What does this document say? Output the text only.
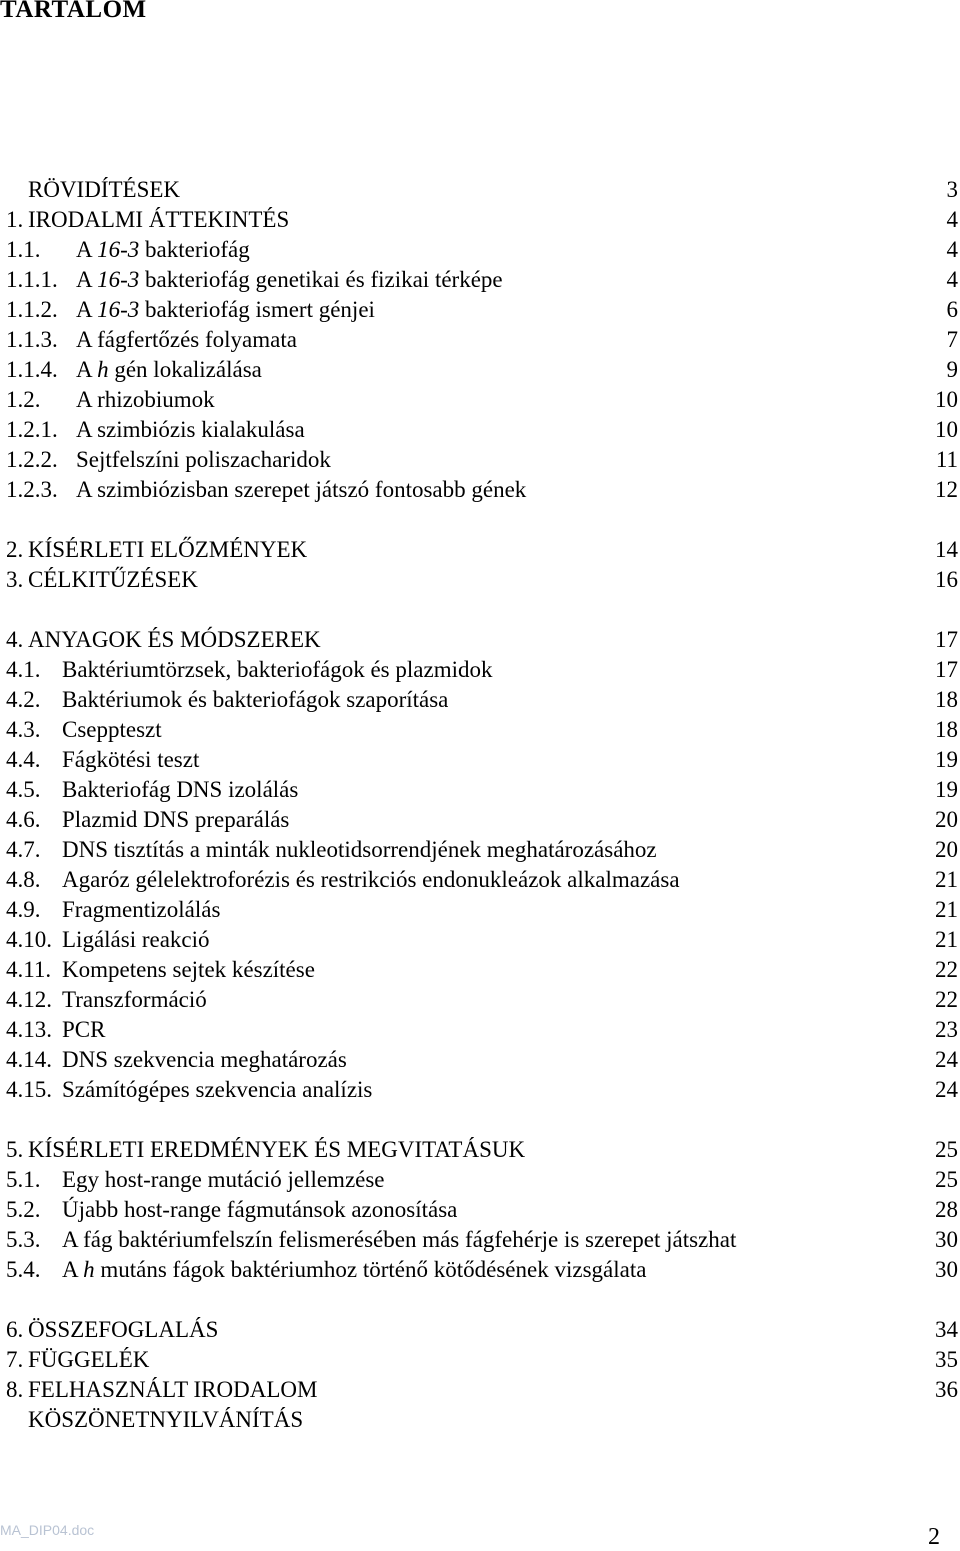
TARTALOM
RÖVIDÍTÉSEK	3
1. IRODALMI ÁTTEKINTÉS	4
1.1. A 16-3 bakteriofág	4
1.1.1. A 16-3 bakteriofág genetikai és fizikai térképe	4
1.1.2. A 16-3 bakteriofág ismert génjei	6
1.1.3. A fágfertőzés folyamata	7
1.1.4. A h gén lokalizálása	9
1.2. A rhizobiumok	10
1.2.1. A szimbiózis kialakulása	10
1.2.2. Sejtfelszíni poliszacharidok	11
1.2.3. A szimbiózisban szerepet játszó fontosabb gének	12
2. KÍSÉRLETI ELŐZMÉNYEK	14
3. CÉLKITŰZÉSEK	16
4. ANYAGOK ÉS MÓDSZEREK	17
4.1. Baktériumtörzsek, bakteriofágok és plazmidok	17
4.2. Baktériumok és bakteriofágok szaporítása	18
4.3. Cseppteszt	18
4.4. Fágkötési teszt	19
4.5. Bakteriofág DNS izolálás	19
4.6. Plazmid DNS preparálás	20
4.7. DNS tisztítás a minták nukleotidsorrendjének meghatározásához	20
4.8. Agaróz gélelektroforézis és restrikciós endonukleázok alkalmazása	21
4.9. Fragmentizolálás	21
4.10. Ligálási reakció	21
4.11. Kompetens sejtek készítése	22
4.12. Transzformáció	22
4.13. PCR	23
4.14. DNS szekvencia meghatározás	24
4.15. Számítógépes szekvencia analízis	24
5. KÍSÉRLETI EREDMÉNYEK ÉS MEGVITATÁSUK	25
5.1. Egy host-range mutáció jellemzése	25
5.2. Újabb host-range fágmutánsok azonosítása	28
5.3. A fág baktériumfelszín felismerésében más fágfehérje is szerepet játszhat	30
5.4. A h mutáns fágok baktériumhoz történő kötődésének vizsgálata	30
6. ÖSSZEFOGLALÁS	34
7. FÜGGELÉK	35
8. FELHASZNÁLT IRODALOM	36
KÖSZÖNETNYILVÁNÍTÁS
MA_DIP04.doc	2
